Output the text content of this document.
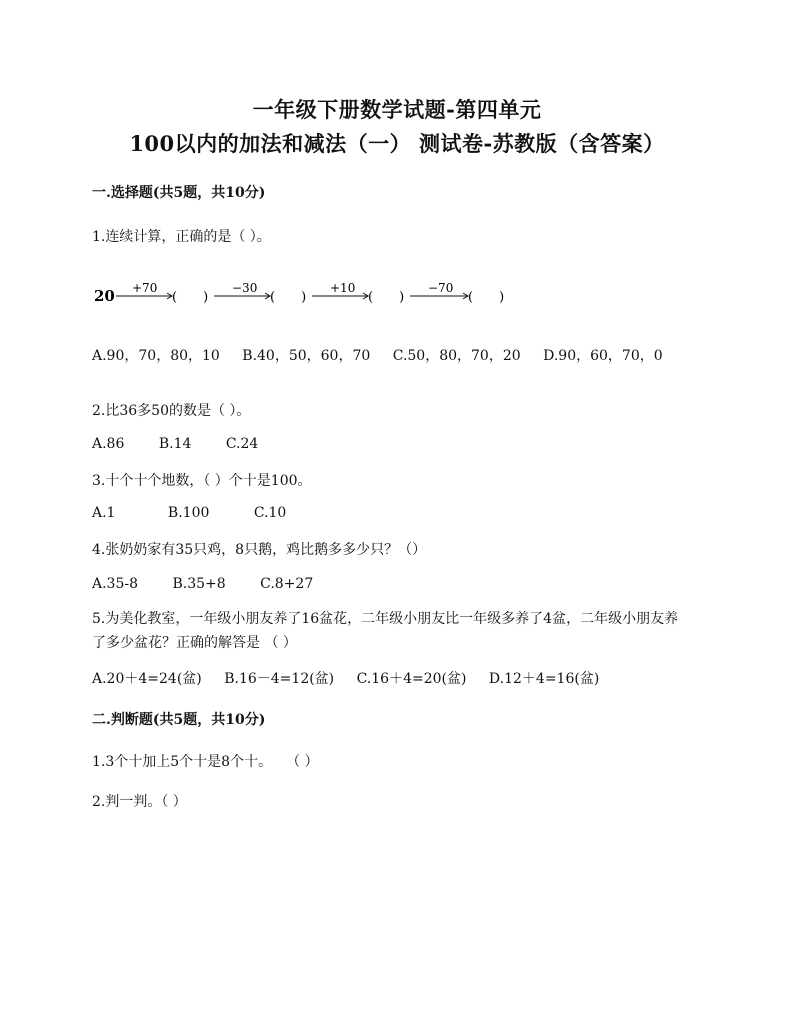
一年级下册数学试题-第四单元
100以内的加法和减法（一） 测试卷-苏教版（含答案）
一.选择题(共5题，共10分)
1.连续计算，正确的是（ ）。
20 +70
(　　)
−30
(　　)
+10
(　　)
−70
(　　)
A.90，70，80，10 B.40，50，60，70 C.50，80，70，20 D.90，60，70，0
2.比36多50的数是（ ）。
A.86 B.14 C.24
3.十个十个地数，（ ）个十是100。
A.1	B.100	C.10
4.张奶奶家有35只鸡，8只鹅，鸡比鹅多多少只？（）
A.35-8 B.35+8 C.8+27
5.为美化教室，一年级小朋友养了16盆花，二年级小朋友比一年级多养了4盆，二年级小朋友养了多少盆花？正确的解答是 （ ）
A.20＋4=24(盆) B.16－4=12(盆) C.16＋4=20(盆) D.12＋4=16(盆)
二.判断题(共5题，共10分)
1.3个十加上5个十是8个十。　　（ ）
2.判一判。（ ）
